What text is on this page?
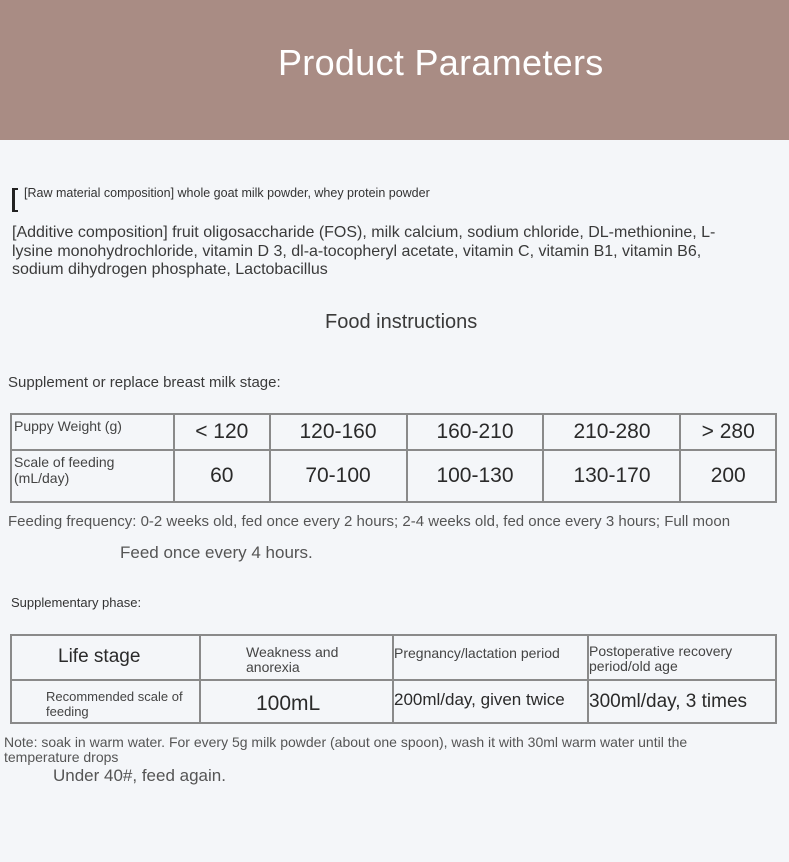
Product Parameters
[Raw material composition] whole goat milk powder, whey protein powder
[Additive composition] fruit oligosaccharide (FOS), milk calcium, sodium chloride, DL-methionine, L-lysine monohydrochloride, vitamin D 3, dl-a-tocopheryl acetate, vitamin C, vitamin B1, vitamin B6, sodium dihydrogen phosphate, Lactobacillus
Food instructions
Supplement or replace breast milk stage:
Puppy Weight (g)	< 120	120-160	160-210	210-280	> 280
Scale of feeding (mL/day)	60	70-100	100-130	130-170	200
Feeding frequency: 0-2 weeks old, fed once every 2 hours; 2-4 weeks old, fed once every 3 hours; Full moon
Feed once every 4 hours.
Supplementary phase:
Life stage	Weakness and anorexia	Pregnancy/lactation period	Postoperative recovery period/old age
Recommended scale of feeding	100mL	200ml/day, given twice	300ml/day, 3 times
Note: soak in warm water. For every 5g milk powder (about one spoon), wash it with 30ml warm water until the temperature drops
Under 40#, feed again.
